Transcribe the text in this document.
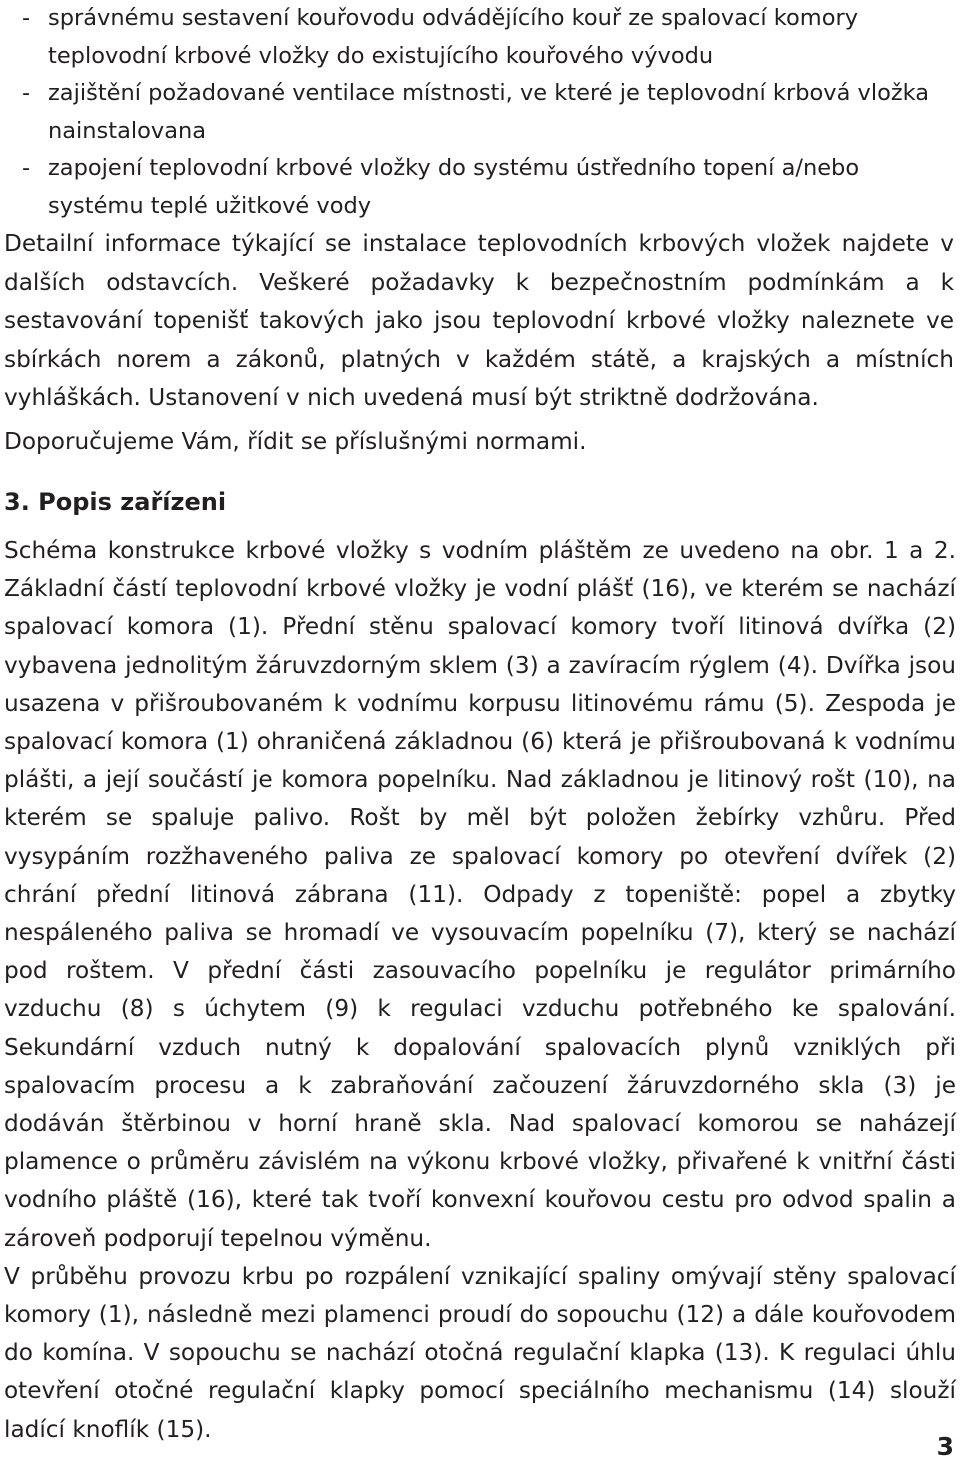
- správnému sestavení kouřovodu odvádějícího kouř ze spalovací komory teplovodní krbové vložky do existujícího kouřového vývodu
- zajištění požadované ventilace místnosti, ve které je teplovodní krbová vložka nainstalovana
- zapojení teplovodní krbové vložky do systému ústředního topení a/nebo systému teplé užitkové vody

Detailní informace týkající se instalace teplovodních krbových vložek najdete v dalších odstavcích. Veškeré požadavky k bezpečnostním podmínkám a k sestavování topenišť takových jako jsou teplovodní krbové vložky naleznete ve sbírkách norem a zákonů, platných v každém státě, a krajských a místních vyhláškách. Ustanovení v nich uvedená musí být striktně dodržována.

Doporučujeme Vám, řídit se příslušnými normami.

3. Popis zařízeni

Schéma konstrukce krbové vložky s vodním pláštěm ze uvedeno na obr. 1 a 2. Základní částí teplovodní krbové vložky je vodní plášť (16), ve kterém se nachází spalovací komora (1). Přední stěnu spalovací komory tvoří litinová dvířka (2) vybavena jednolitým žáruvzdorným sklem (3) a zavíracím rýglem (4). Dvířka jsou usazena v přišroubovaném k vodnímu korpusu litinovému rámu (5). Zespoda je spalovací komora (1) ohraničená základnou (6) která je přišroubovaná k vodnímu plášti, a její součástí je komora popelníku. Nad základnou je litinový rošt (10), na kterém se spaluje palivo. Rošt by měl být položen žebírky vzhůru. Před vysypáním rozžhaveného paliva ze spalovací komory po otevření dvířek (2) chrání přední litinová zábrana (11). Odpady z topeniště: popel a zbytky nespáleného paliva se hromadí ve vysouvacím popelníku (7), který se nachází pod roštem. V přední části zasouvacího popelníku je regulátor primárního vzduchu (8) s úchytem (9) k regulaci vzduchu potřebného ke spalování. Sekundární vzduch nutný k dopalování spalovacích plynů vzniklých při spalovacím procesu a k zabraňování začouzení žáruvzdorného skla (3) je dodáván štěrbinou v horní hraně skla. Nad spalovací komorou se naházejí plamence o průměru závislém na výkonu krbové vložky, přivařené k vnitřní části vodního pláště (16), které tak tvoří konvexní kouřovou cestu pro odvod spalin a zároveň podporují tepelnou výměnu.

V průběhu provozu krbu po rozpálení vznikající spaliny omývají stěny spalovací komory (1), následně mezi plamenci proudí do sopouchu (12) a dále kouřovodem do komína. V sopouchu se nachází otočná regulační klapka (13). K regulaci úhlu otevření otočné regulační klapky pomocí speciálního mechanismu (14) slouží ladící knoflík (15).

3
